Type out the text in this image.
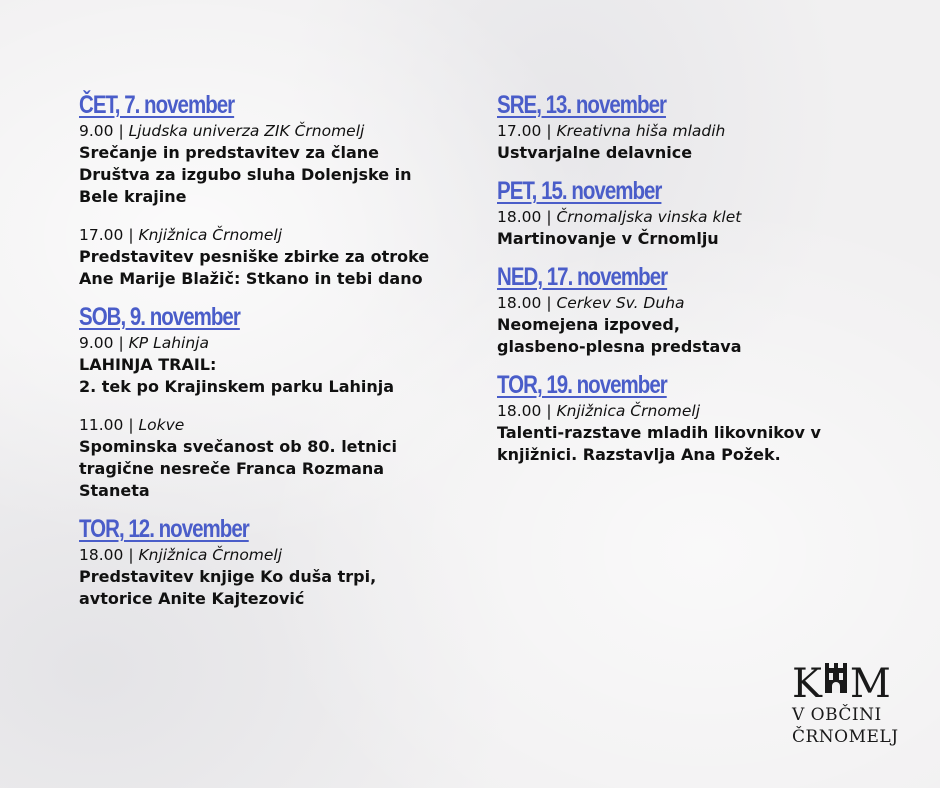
ČET, 7. november
9.00 | Ljudska univerza ZIK Črnomelj
Srečanje in predstavitev za člane
Društva za izgubo sluha Dolenjske in
Bele krajine
17.00 | Knjižnica Črnomelj
Predstavitev pesniške zbirke za otroke
Ane Marije Blažič: Stkano in tebi dano
SOB, 9. november
9.00 | KP Lahinja
LAHINJA TRAIL:
2. tek po Krajinskem parku Lahinja
11.00 | Lokve
Spominska svečanost ob 80. letnici
tragične nesreče Franca Rozmana
Staneta
TOR, 12. november
18.00 | Knjižnica Črnomelj
Predstavitev knjige Ko duša trpi,
avtorice Anite Kajtezović
SRE, 13. november
17.00 | Kreativna hiša mladih
Ustvarjalne delavnice
PET, 15. november
18.00 | Črnomaljska vinska klet
Martinovanje v Črnomlju
NED, 17. november
18.00 | Cerkev Sv. Duha
Neomejena izpoved,
glasbeno-plesna predstava
TOR, 19. november
18.00 | Knjižnica Črnomelj
Talenti-razstave mladih likovnikov v
knjižnici. Razstavlja Ana Požek.
K M
V OBČINI
ČRNOMELJ
